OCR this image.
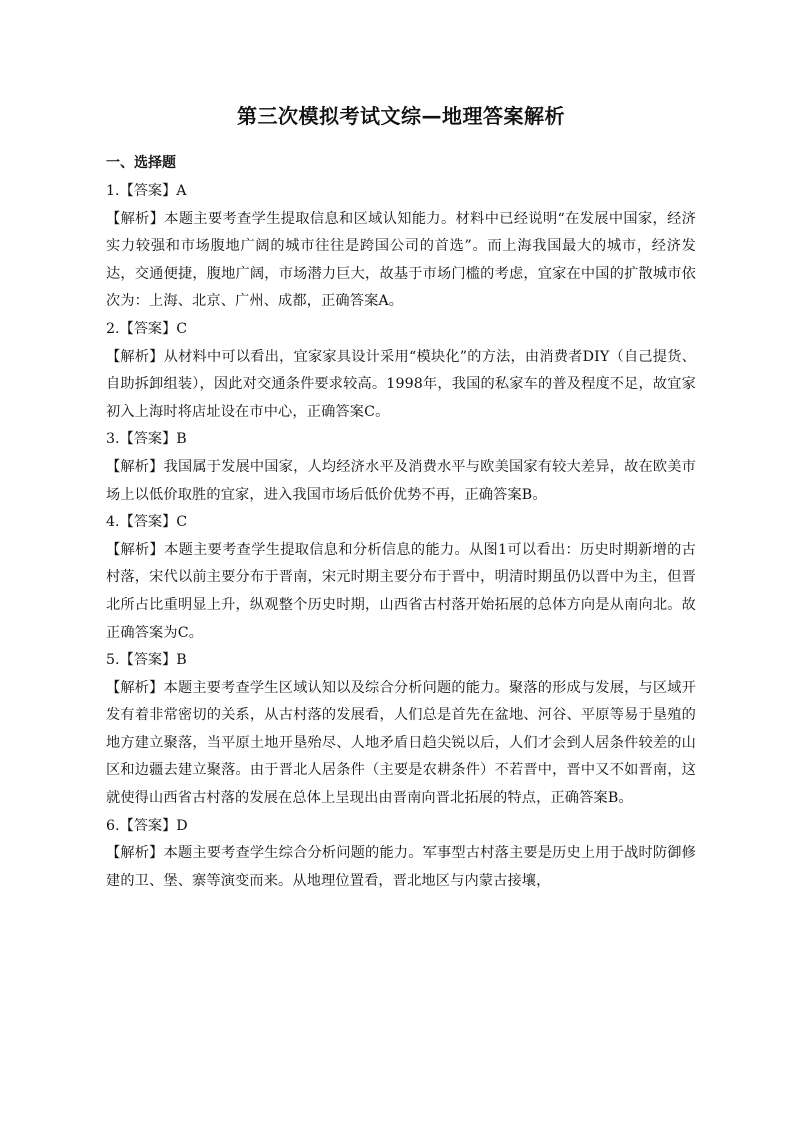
第三次模拟考试文综—地理答案解析

一、选择题

1.【答案】A

【解析】本题主要考查学生提取信息和区域认知能力。材料中已经说明“在发展中国家，经济实力较强和市场腹地广阔的城市往往是跨国公司的首选”。而上海我国最大的城市，经济发达，交通便捷，腹地广阔，市场潜力巨大，故基于市场门槛的考虑，宜家在中国的扩散城市依次为：上海、北京、广州、成都，正确答案A。

2.【答案】C

【解析】从材料中可以看出，宜家家具设计采用“模块化”的方法，由消费者DIY（自己提货、自助拆卸组装），因此对交通条件要求较高。1998年，我国的私家车的普及程度不足，故宜家初入上海时将店址设在市中心，正确答案C。

3.【答案】B

【解析】我国属于发展中国家，人均经济水平及消费水平与欧美国家有较大差异，故在欧美市场上以低价取胜的宜家，进入我国市场后低价优势不再，正确答案B。

4.【答案】C

【解析】本题主要考查学生提取信息和分析信息的能力。从图1可以看出：历史时期新增的古村落，宋代以前主要分布于晋南，宋元时期主要分布于晋中，明清时期虽仍以晋中为主，但晋北所占比重明显上升，纵观整个历史时期，山西省古村落开始拓展的总体方向是从南向北。故正确答案为C。

5.【答案】B

【解析】本题主要考查学生区域认知以及综合分析问题的能力。聚落的形成与发展，与区域开发有着非常密切的关系，从古村落的发展看，人们总是首先在盆地、河谷、平原等易于垦殖的地方建立聚落，当平原土地开垦殆尽、人地矛盾日趋尖锐以后，人们才会到人居条件较差的山区和边疆去建立聚落。由于晋北人居条件（主要是农耕条件）不若晋中，晋中又不如晋南，这就使得山西省古村落的发展在总体上呈现出由晋南向晋北拓展的特点，正确答案B。

6.【答案】D

【解析】本题主要考查学生综合分析问题的能力。军事型古村落主要是历史上用于战时防御修建的卫、堡、寨等演变而来。从地理位置看，晋北地区与内蒙古接壤，
